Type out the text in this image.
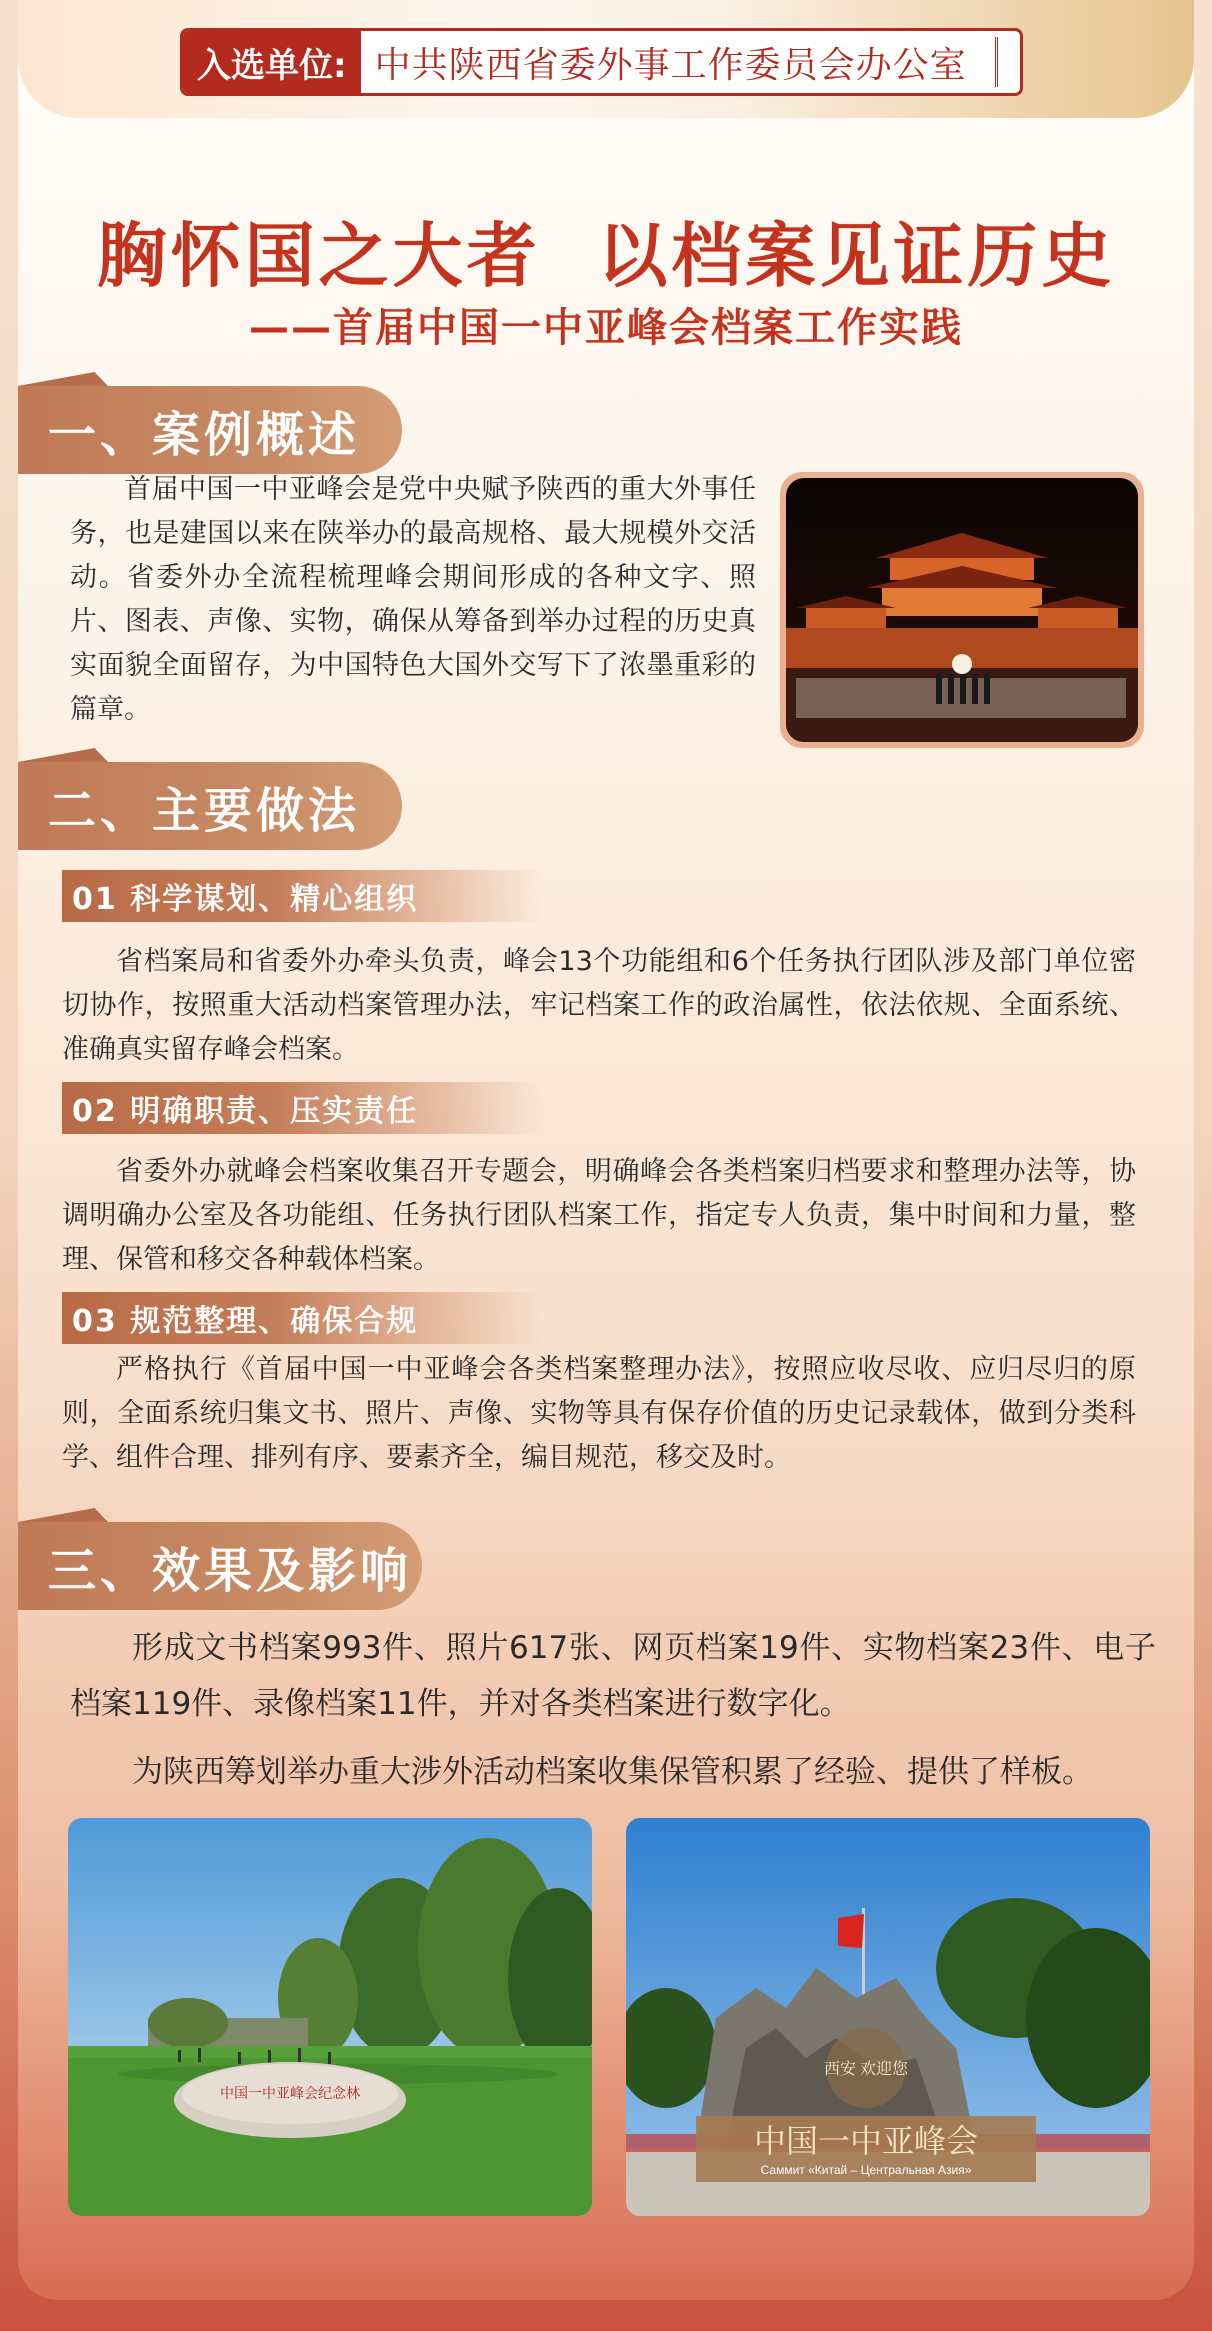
入选单位: 中共陕西省委外事工作委员会办公室
胸怀国之大者  以档案见证历史
——首届中国一中亚峰会档案工作实践
一、案例概述

首届中国一中亚峰会是党中央赋予陕西的重大外事任务，也是建国以来在陕举办的最高规格、最大规模外交活动。省委外办全流程梳理峰会期间形成的各种文字、照片、图表、声像、实物，确保从筹备到举办过程的历史真实面貌全面留存，为中国特色大国外交写下了浓墨重彩的篇章。

二、主要做法
01 科学谋划、精心组织

省档案局和省委外办牵头负责，峰会13个功能组和6个任务执行团队涉及部门单位密切协作，按照重大活动档案管理办法，牢记档案工作的政治属性，依法依规、全面系统、准确真实留存峰会档案。

02 明确职责、压实责任

省委外办就峰会档案收集召开专题会，明确峰会各类档案归档要求和整理办法等，协调明确办公室及各功能组、任务执行团队档案工作，指定专人负责，集中时间和力量，整理、保管和移交各种载体档案。

03 规范整理、确保合规

严格执行《首届中国一中亚峰会各类档案整理办法》，按照应收尽收、应归尽归的原则，全面系统归集文书、照片、声像、实物等具有保存价值的历史记录载体，做到分类科学、组件合理、排列有序、要素齐全，编目规范，移交及时。

三、效果及影响

形成文书档案993件、照片617张、网页档案19件、实物档案23件、电子档案119件、录像档案11件，并对各类档案进行数字化。

为陕西筹划举办重大涉外活动档案收集保管积累了经验、提供了样板。

中国一中亚峰会纪念林
西安 欢迎您
中国一中亚峰会
Саммит «Китай – Центральная Азия»
